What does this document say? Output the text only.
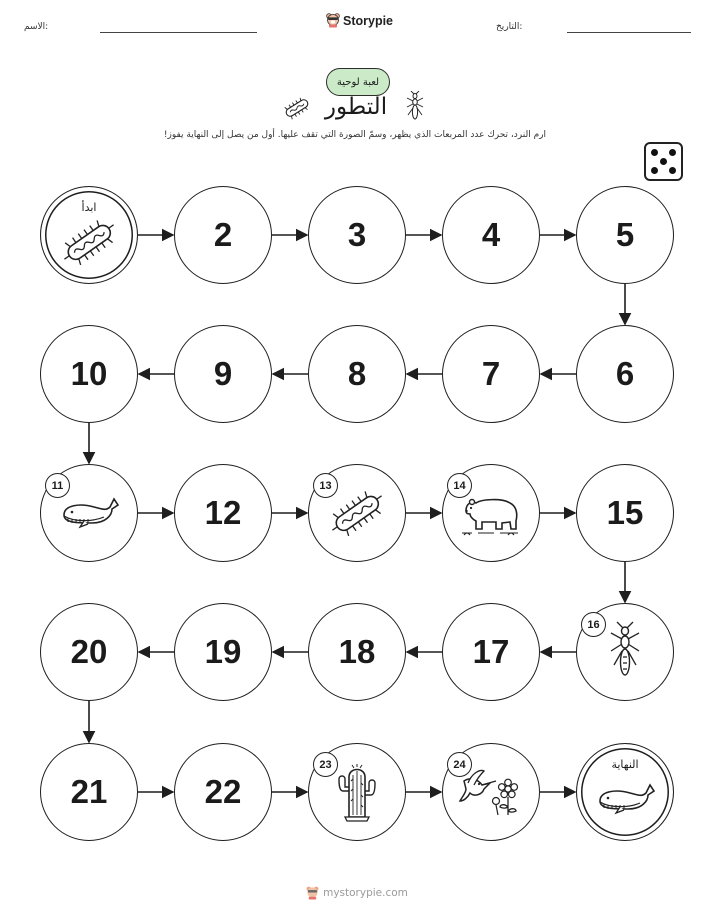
الاسم:	Storypie	التاريخ:
لعبة لوحية
التطور
ارم النرد، تحرك عدد المربعات الذي يظهر، وسمّ الصورة التي تقف عليها. أول من يصل إلى النهاية يفوز!
ابدأ
2	3	4	5
10	9	8	7	6
11
12
13	14
15
20	19	18	17
16
21	22
23	24	النهاية
mystorypie.com
